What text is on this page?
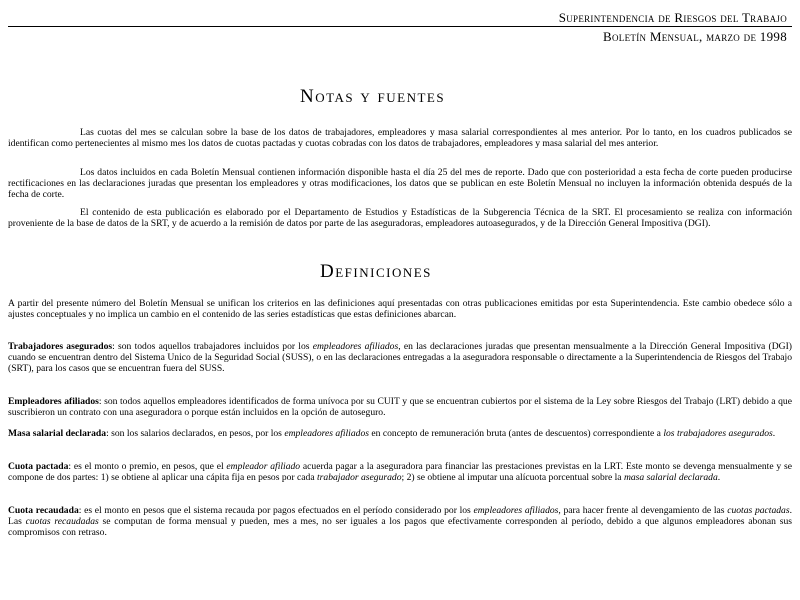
Superintendencia de Riesgos del Trabajo
Boletín Mensual, marzo de 1998
Notas y fuentes

Las cuotas del mes se calculan sobre la base de los datos de trabajadores, empleadores y masa salarial correspondientes al mes anterior. Por lo tanto, en los cuadros publicados se identifican como pertenecientes al mismo mes los datos de cuotas pactadas y cuotas cobradas con los datos de trabajadores, empleadores y masa salarial del mes anterior.

Los datos incluidos en cada Boletín Mensual contienen información disponible hasta el día 25 del mes de reporte. Dado que con posterioridad a esta fecha de corte pueden producirse rectificaciones en las declaraciones juradas que presentan los empleadores y otras modificaciones, los datos que se publican en este Boletín Mensual no incluyen la información obtenida después de la fecha de corte.

El contenido de esta publicación es elaborado por el Departamento de Estudios y Estadísticas de la Subgerencia Técnica de la SRT. El procesamiento se realiza con información proveniente de la base de datos de la SRT, y de acuerdo a la remisión de datos por parte de las aseguradoras, empleadores autoasegurados, y de la Dirección General Impositiva (DGI).

Definiciones

A partir del presente número del Boletín Mensual se unifican los criterios en las definiciones aquí presentadas con otras publicaciones emitidas por esta Superintendencia. Este cambio obedece sólo a ajustes conceptuales y no implica un cambio en el contenido de las series estadísticas que estas definiciones abarcan.

Trabajadores asegurados: son todos aquellos trabajadores incluidos por los empleadores afiliados, en las declaraciones juradas que presentan mensualmente a la Dirección General Impositiva (DGI) cuando se encuentran dentro del Sistema Unico de la Seguridad Social (SUSS), o en las declaraciones entregadas a la aseguradora responsable o directamente a la Superintendencia de Riesgos del Trabajo (SRT), para los casos que se encuentran fuera del SUSS.

Empleadores afiliados: son todos aquellos empleadores identificados de forma unívoca por su CUIT y que se encuentran cubiertos por el sistema de la Ley sobre Riesgos del Trabajo (LRT) debido a que suscribieron un contrato con una aseguradora o porque están incluidos en la opción de autoseguro.

Masa salarial declarada: son los salarios declarados, en pesos, por los empleadores afiliados en concepto de remuneración bruta (antes de descuentos) correspondiente a los trabajadores asegurados.

Cuota pactada: es el monto o premio, en pesos, que el empleador afiliado acuerda pagar a la aseguradora para financiar las prestaciones previstas en la LRT. Este monto se devenga mensualmente y se compone de dos partes: 1) se obtiene al aplicar una cápita fija en pesos por cada trabajador asegurado; 2) se obtiene al imputar una alícuota porcentual sobre la masa salarial declarada.

Cuota recaudada: es el monto en pesos que el sistema recauda por pagos efectuados en el período considerado por los empleadores afiliados, para hacer frente al devengamiento de las cuotas pactadas. Las cuotas recaudadas se computan de forma mensual y pueden, mes a mes, no ser iguales a los pagos que efectivamente corresponden al período, debido a que algunos empleadores abonan sus compromisos con retraso.
